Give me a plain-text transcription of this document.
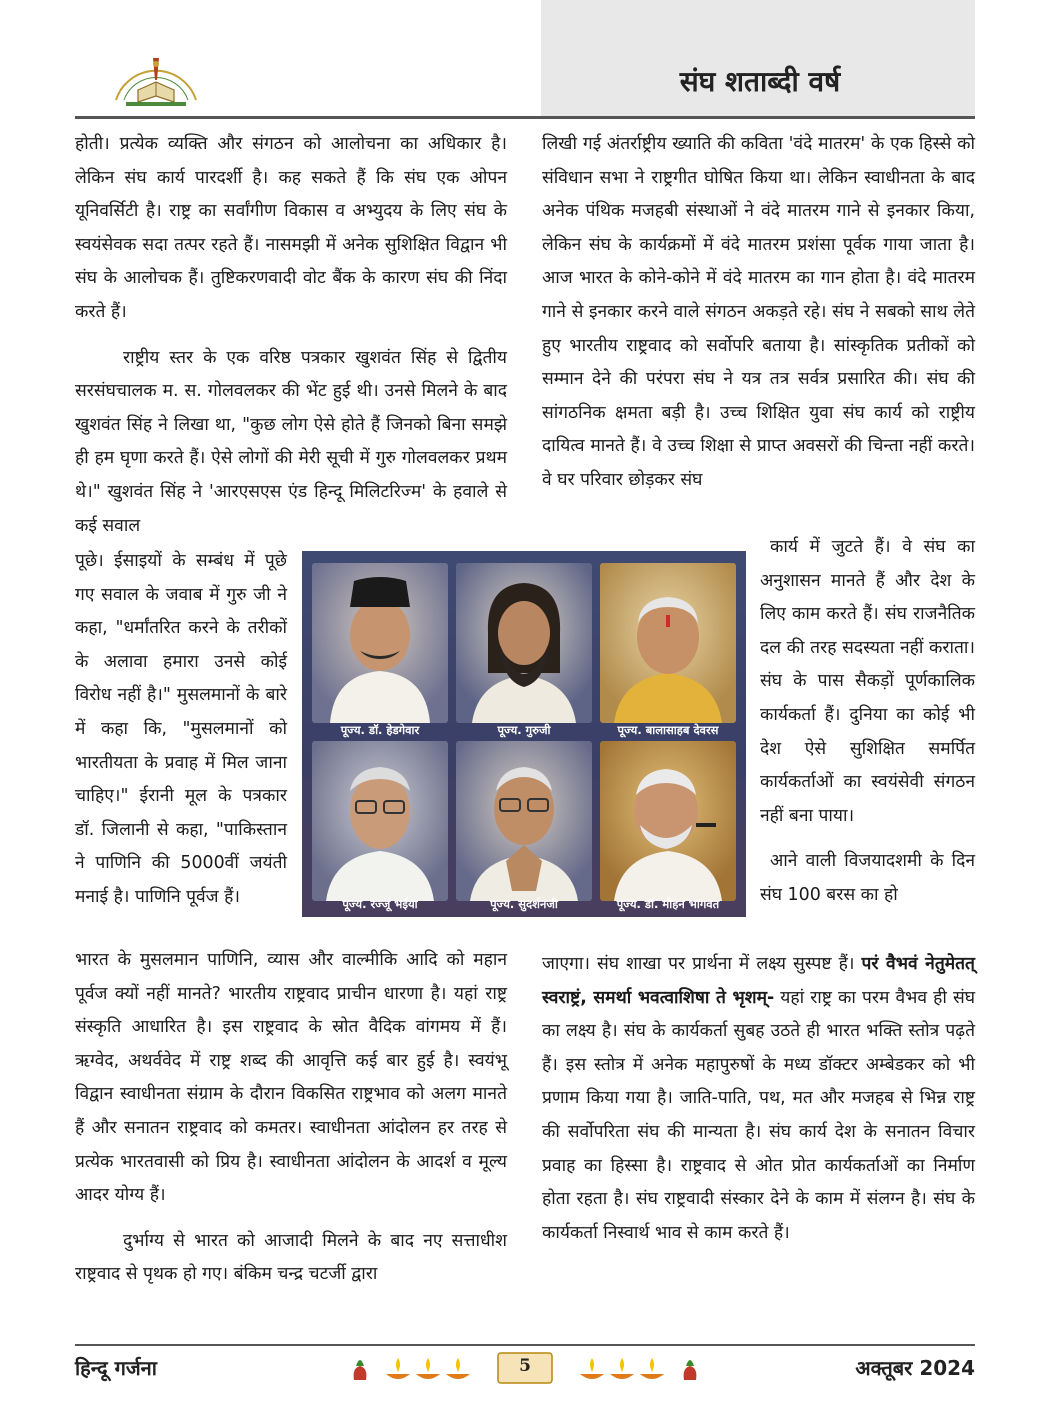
संघ शताब्दी वर्ष

होती। प्रत्येक व्यक्ति और संगठन को आलोचना का अधिकार है। लेकिन संघ कार्य पारदर्शी है। कह सकते हैं कि संघ एक ओपन यूनिवर्सिटी है। राष्ट्र का सर्वांगीण विकास व अभ्युदय के लिए संघ के स्वयंसेवक सदा तत्पर रहते हैं। नासमझी में अनेक सुशिक्षित विद्वान भी संघ के आलोचक हैं। तुष्टिकरणवादी वोट बैंक के कारण संघ की निंदा करते हैं।

राष्ट्रीय स्तर के एक वरिष्ठ पत्रकार खुशवंत सिंह से द्वितीय सरसंघचालक म. स. गोलवलकर की भेंट हुई थी। उनसे मिलने के बाद खुशवंत सिंह ने लिखा था, "कुछ लोग ऐसे होते हैं जिनको बिना समझे ही हम घृणा करते हैं। ऐसे लोगों की मेरी सूची में गुरु गोलवलकर प्रथम थे।" खुशवंत सिंह ने 'आरएसएस एंड हिन्दू मिलिटरिज्म' के हवाले से कई सवाल

पूछे। ईसाइयों के सम्बंध में पूछे गए सवाल के जवाब में गुरु जी ने कहा, "धर्मांतरित करने के तरीकों के अलावा हमारा उनसे कोई विरोध नहीं है।" मुसलमानों के बारे में कहा कि, "मुसलमानों को भारतीयता के प्रवाह में मिल जाना चाहिए।" ईरानी मूल के पत्रकार डॉ. जिलानी से कहा, "पाकिस्तान ने पाणिनि की 5000वीं जयंती मनाई है। पाणिनि पूर्वज हैं।

भारत के मुसलमान पाणिनि, व्यास और वाल्मीकि आदि को महान पूर्वज क्यों नहीं मानते? भारतीय राष्ट्रवाद प्राचीन धारणा है। यहां राष्ट्र संस्कृति आधारित है। इस राष्ट्रवाद के स्रोत वैदिक वांगमय में हैं। ऋग्वेद, अथर्ववेद में राष्ट्र शब्द की आवृत्ति कई बार हुई है। स्वयंभू विद्वान स्वाधीनता संग्राम के दौरान विकसित राष्ट्रभाव को अलग मानते हैं और सनातन राष्ट्रवाद को कमतर। स्वाधीनता आंदोलन हर तरह से प्रत्येक भारतवासी को प्रिय है। स्वाधीनता आंदोलन के आदर्श व मूल्य आदर योग्य हैं।

दुर्भाग्य से भारत को आजादी मिलने के बाद नए सत्ताधीश राष्ट्रवाद से पृथक हो गए। बंकिम चन्द्र चटर्जी द्वारा

लिखी गई अंतर्राष्ट्रीय ख्याति की कविता 'वंदे मातरम' के एक हिस्से को संविधान सभा ने राष्ट्रगीत घोषित किया था। लेकिन स्वाधीनता के बाद अनेक पंथिक मजहबी संस्थाओं ने वंदे मातरम गाने से इनकार किया, लेकिन संघ के कार्यक्रमों में वंदे मातरम प्रशंसा पूर्वक गाया जाता है। आज भारत के कोने-कोने में वंदे मातरम का गान होता है। वंदे मातरम गाने से इनकार करने वाले संगठन अकड़ते रहे। संघ ने सबको साथ लेते हुए भारतीय राष्ट्रवाद को सर्वोपरि बताया है। सांस्कृतिक प्रतीकों को सम्मान देने की परंपरा संघ ने यत्र तत्र सर्वत्र प्रसारित की। संघ की सांगठनिक क्षमता बड़ी है। उच्च शिक्षित युवा संघ कार्य को राष्ट्रीय दायित्व मानते हैं। वे उच्च शिक्षा से प्राप्त अवसरों की चिन्ता नहीं करते। वे घर परिवार छोड़कर संघ

कार्य में जुटते हैं। वे संघ का अनुशासन मानते हैं और देश के लिए काम करते हैं। संघ राजनैतिक दल की तरह सदस्यता नहीं कराता। संघ के पास सैकड़ों पूर्णकालिक कार्यकर्ता हैं। दुनिया का कोई भी देश ऐसे सुशिक्षित समर्पित कार्यकर्ताओं का स्वयंसेवी संगठन नहीं बना पाया।

आने वाली विजयादशमी के दिन संघ 100 बरस का हो

जाएगा। संघ शाखा पर प्रार्थना में लक्ष्य सुस्पष्ट हैं। परं वैभवं नेतुमेतत् स्वराष्ट्रं, समर्था भवत्वाशिषा ते भृशम्- यहां राष्ट्र का परम वैभव ही संघ का लक्ष्य है। संघ के कार्यकर्ता सुबह उठते ही भारत भक्ति स्तोत्र पढ़ते हैं। इस स्तोत्र में अनेक महापुरुषों के मध्य डॉक्टर अम्बेडकर को भी प्रणाम किया गया है। जाति-पाति, पथ, मत और मजहब से भिन्न राष्ट्र की सर्वोपरिता संघ की मान्यता है। संघ कार्य देश के सनातन विचार प्रवाह का हिस्सा है। राष्ट्रवाद से ओत प्रोत कार्यकर्ताओं का निर्माण होता रहता है। संघ राष्ट्रवादी संस्कार देने के काम में संलग्न है। संघ के कार्यकर्ता निस्वार्थ भाव से काम करते हैं।

पूज्य. डॉ. हेडगेवार	पूज्य. गुरुजी	पूज्य. बालासाहब देवरस
पूज्य. रज्जू भईया	पूज्य. सुदर्शनजी	पूज्य. डॉ. मोहन भागवत
हिन्दू गर्जना	5	अक्तूबर 2024
